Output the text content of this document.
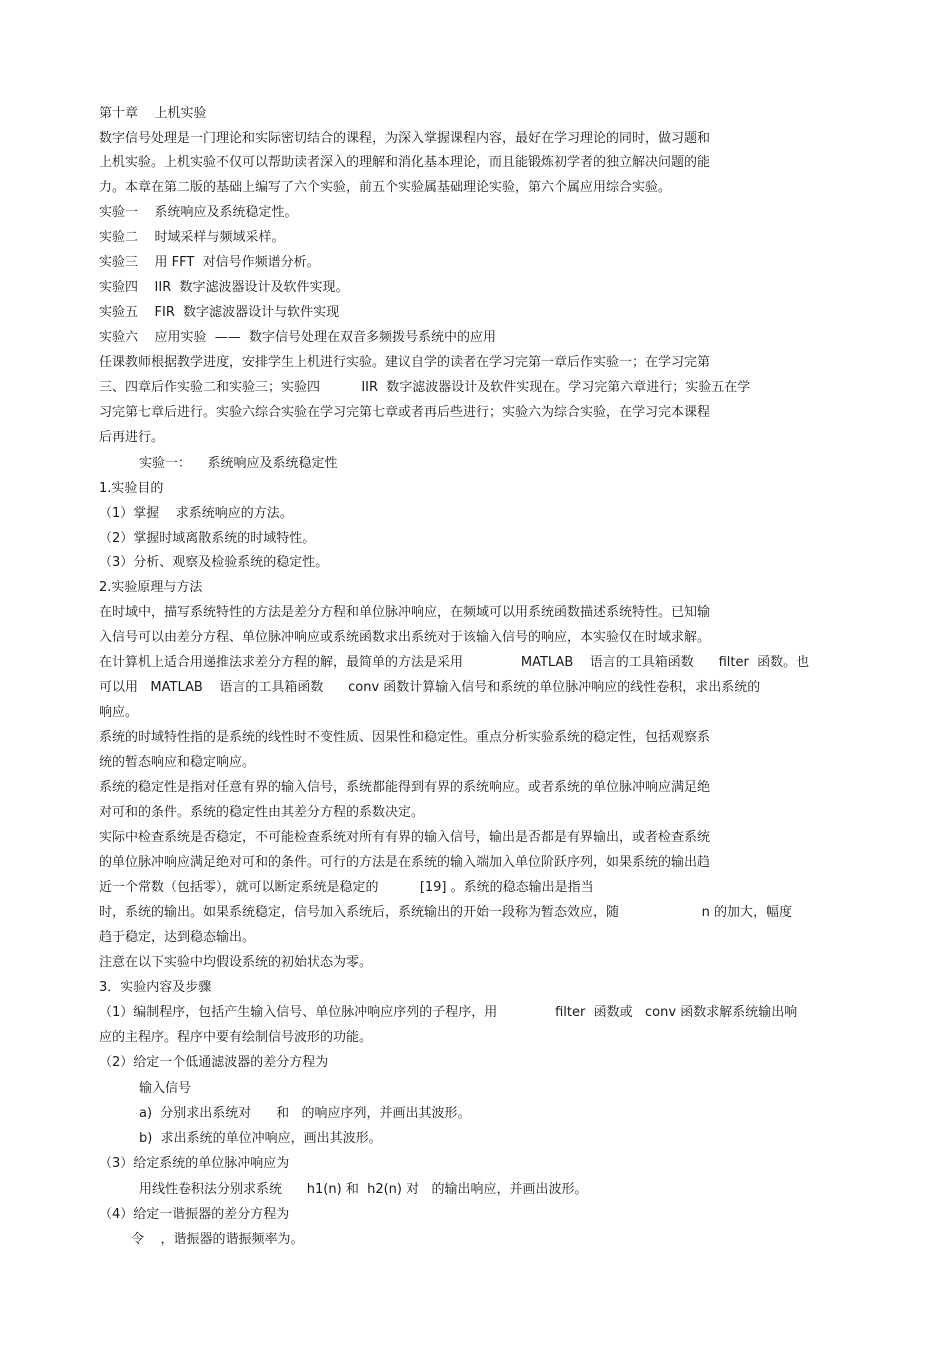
第十章    上机实验
数字信号处理是一门理论和实际密切结合的课程，为深入掌握课程内容，最好在学习理论的同时，做习题和
上机实验。上机实验不仅可以帮助读者深入的理解和消化基本理论，而且能锻炼初学者的独立解决问题的能
力。本章在第二版的基础上编写了六个实验，前五个实验属基础理论实验，第六个属应用综合实验。
实验一    系统响应及系统稳定性。
实验二    时域采样与频域采样。
实验三    用 FFT  对信号作频谱分析。
实验四    IIR  数字滤波器设计及软件实现。
实验五    FIR  数字滤波器设计与软件实现
实验六    应用实验  ——  数字信号处理在双音多频拨号系统中的应用
任课教师根据教学进度，安排学生上机进行实验。建议自学的读者在学习完第一章后作实验一；在学习完第
三、四章后作实验二和实验三；实验四          IIR  数字滤波器设计及软件实现在。学习完第六章进行；实验五在学
习完第七章后进行。实验六综合实验在学习完第七章或者再后些进行；实验六为综合实验，在学习完本课程
后再进行。
实验一：    系统响应及系统稳定性
1.实验目的
（1）掌握    求系统响应的方法。
（2）掌握时域离散系统的时域特性。
（3）分析、观察及检验系统的稳定性。
2.实验原理与方法
在时域中，描写系统特性的方法是差分方程和单位脉冲响应，在频域可以用系统函数描述系统特性。已知输
入信号可以由差分方程、单位脉冲响应或系统函数求出系统对于该输入信号的响应，本实验仅在时域求解。
在计算机上适合用递推法求差分方程的解，最简单的方法是采用              MATLAB    语言的工具箱函数      filter  函数。也
可以用   MATLAB    语言的工具箱函数      conv 函数计算输入信号和系统的单位脉冲响应的线性卷积，求出系统的
响应。
系统的时域特性指的是系统的线性时不变性质、因果性和稳定性。重点分析实验系统的稳定性，包括观察系
统的暂态响应和稳定响应。
系统的稳定性是指对任意有界的输入信号，系统都能得到有界的系统响应。或者系统的单位脉冲响应满足绝
对可和的条件。系统的稳定性由其差分方程的系数决定。
实际中检查系统是否稳定，不可能检查系统对所有有界的输入信号，输出是否都是有界输出，或者检查系统
的单位脉冲响应满足绝对可和的条件。可行的方法是在系统的输入端加入单位阶跃序列，如果系统的输出趋
近一个常数（包括零），就可以断定系统是稳定的          [19] 。系统的稳态输出是指当
时，系统的输出。如果系统稳定，信号加入系统后，系统输出的开始一段称为暂态效应，随                    n 的加大，幅度
趋于稳定，达到稳态输出。
注意在以下实验中均假设系统的初始状态为零。
3．实验内容及步骤
（1）编制程序，包括产生输入信号、单位脉冲响应序列的子程序，用              filter  函数或   conv 函数求解系统输出响
应的主程序。程序中要有绘制信号波形的功能。
（2）给定一个低通滤波器的差分方程为
输入信号
a)  分别求出系统对      和   的响应序列，并画出其波形。
b)  求出系统的单位冲响应，画出其波形。
（3）给定系统的单位脉冲响应为
用线性卷积法分别求系统      h1(n) 和  h2(n) 对   的输出响应，并画出波形。
（4）给定一谐振器的差分方程为
令    ，谐振器的谐振频率为。
